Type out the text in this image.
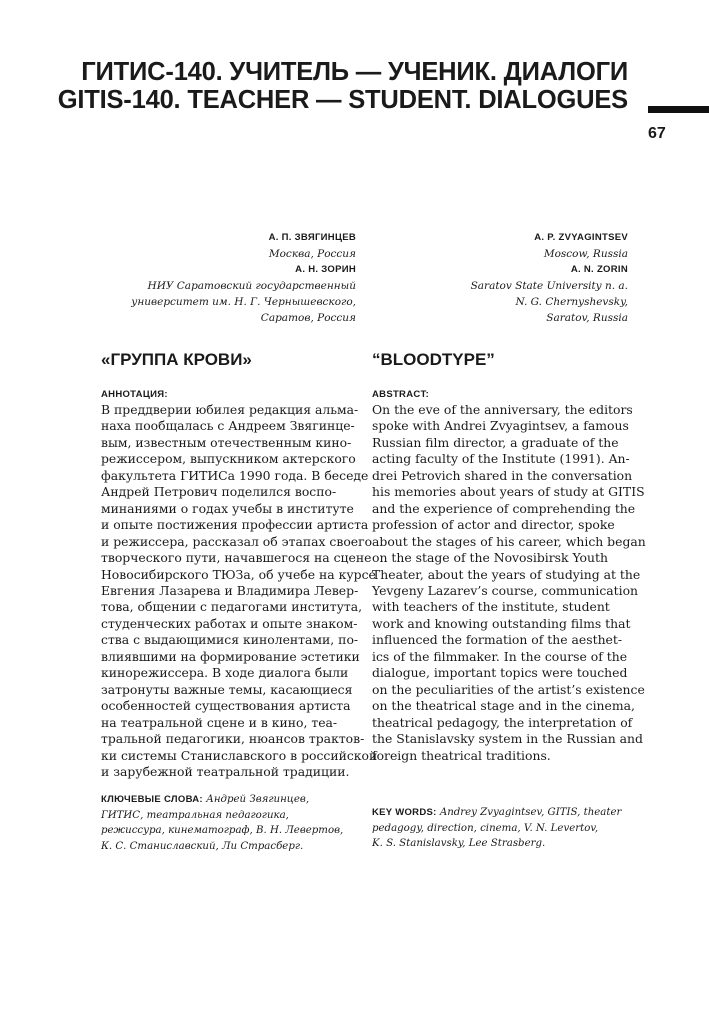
ГИТИС-140. УЧИТЕЛЬ — УЧЕНИК. ДИАЛОГИ
GITIS-140. TEACHER — STUDENT. DIALOGUES
67
А. П. ЗВЯГИНЦЕВ
Москва, Россия
А. Н. ЗОРИН
НИУ Саратовский государственный
университет им. Н. Г. Чернышевского,
Саратов, Россия
A. P. ZVYAGINTSEV
Moscow, Russia
A. N. ZORIN
Saratov State University n. a.
N. G. Chernyshevsky,
Saratov, Russia
«ГРУППА КРОВИ»	“BLOODTYPE”
АННОТАЦИЯ:	ABSTRACT:
В преддверии юбилея редакция альма-
наха пообщалась с Андреем Звягинце-
вым, известным отечественным кино-
режиссером, выпускником актерского
факультета ГИТИСа 1990 года. В беседе
Андрей Петрович поделился воспо-
минаниями о годах учебы в институте
и опыте постижения профессии артиста
и режиссера, рассказал об этапах своего
творческого пути, начавшегося на сцене
Новосибирского ТЮЗа, об учебе на курсе
Евгения Лазарева и Владимира Левер-
това, общении с педагогами института,
студенческих работах и опыте знаком-
ства с выдающимися кинолентами, по-
влиявшими на формирование эстетики
кинорежиссера. В ходе диалога были
затронуты важные темы, касающиеся
особенностей существования артиста
на театральной сцене и в кино, теа-
тральной педагогики, нюансов трактов-
ки системы Станиславского в российской
и зарубежной театральной традиции.
On the eve of the anniversary, the editors
spoke with Andrei Zvyagintsev, a famous
Russian film director, a graduate of the
acting faculty of the Institute (1991). An-
drei Petrovich shared in the conversation
his memories about years of study at GITIS
and the experience of comprehending the
profession of actor and director, spoke
about the stages of his career, which began
on the stage of the Novosibirsk Youth
Theater, about the years of studying at the
Yevgeny Lazarev’s course, communication
with teachers of the institute, student
work and knowing outstanding films that
influenced the formation of the aesthet-
ics of the filmmaker. In the course of the
dialogue, important topics were touched
on the peculiarities of the artist’s existence
on the theatrical stage and in the cinema,
theatrical pedagogy, the interpretation of
the Stanislavsky system in the Russian and
foreign theatrical traditions.
КЛЮЧЕВЫЕ СЛОВА: Андрей Звягинцев,
ГИТИС, театральная педагогика,
режиссура, кинематограф, В. Н. Левертов,
К. С. Станиславский, Ли Страсберг.
KEY WORDS: Andrey Zvyagintsev, GITIS, theater
pedagogy, direction, cinema, V. N. Levertov,
K. S. Stanislavsky, Lee Strasberg.
